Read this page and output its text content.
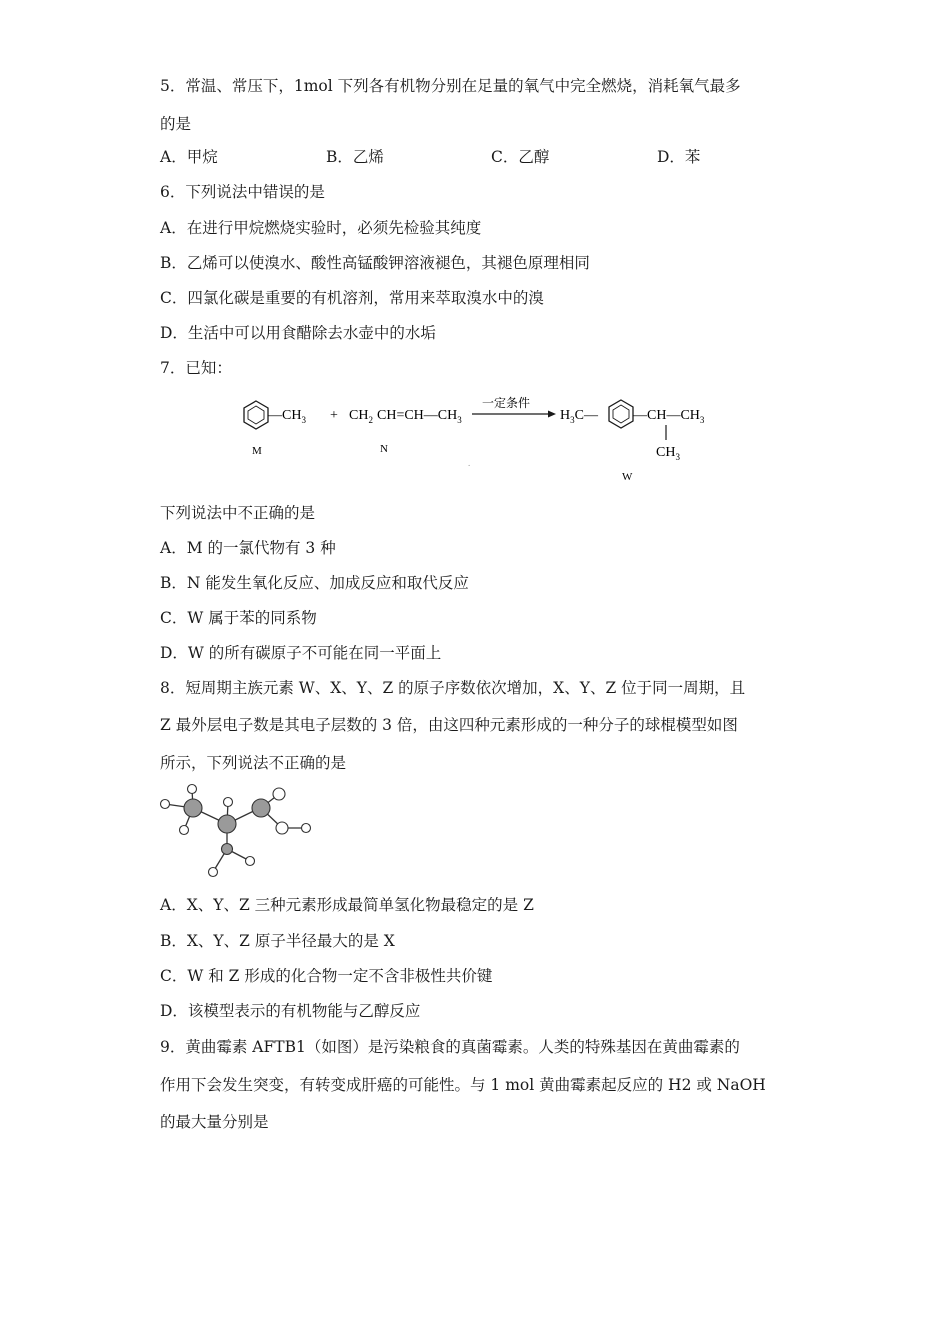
5．常温、常压下，1mol 下列各有机物分别在足量的氧气中完全燃烧，消耗氧气最多
的是
A．甲烷	B．乙烯	C．乙醇	D．苯
6．下列说法中错误的是
A．在进行甲烷燃烧实验时，必须先检验其纯度
B．乙烯可以使溴水、酸性高锰酸钾溶液褪色，其褪色原理相同
C．四氯化碳是重要的有机溶剂，常用来萃取溴水中的溴
D．生活中可以用食醋除去水壶中的水垢
7．已知：
$—CH_3$
M
+ $CH_2$ $CH=CH—CH_3$
N
一定条件
.
$H_3C—$	$—CH—CH_3$
$CH_3$
W
下列说法中不正确的是
A．M 的一氯代物有 3 种
B．N 能发生氧化反应、加成反应和取代反应
C．W 属于苯的同系物
D．W 的所有碳原子不可能在同一平面上
8．短周期主族元素 W、X、Y、Z 的原子序数依次增加，X、Y、Z 位于同一周期，且
Z 最外层电子数是其电子层数的 3 倍，由这四种元素形成的一种分子的球棍模型如图
所示，下列说法不正确的是
A．X、Y、Z 三种元素形成最简单氢化物最稳定的是 Z
B．X、Y、Z 原子半径最大的是 X
C．W 和 Z 形成的化合物一定不含非极性共价键
D．该模型表示的有机物能与乙醇反应
9．黄曲霉素 AFTB1（如图）是污染粮食的真菌霉素。人类的特殊基因在黄曲霉素的
作用下会发生突变，有转变成肝癌的可能性。与 1 mol 黄曲霉素起反应的 H2 或 NaOH
的最大量分别是
